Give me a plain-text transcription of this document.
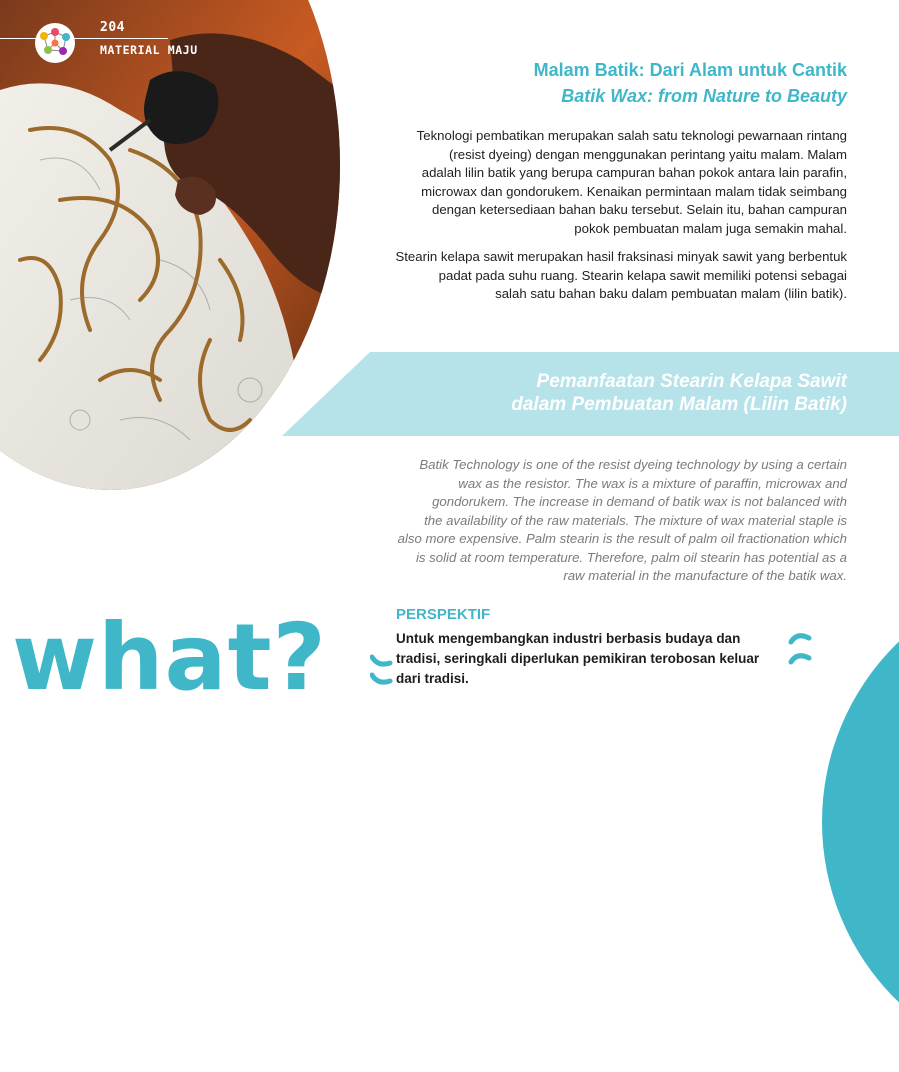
204
MATERIAL MAJU
Malam Batik: Dari Alam untuk Cantik
Batik Wax: from Nature to Beauty
Teknologi pembatikan merupakan salah satu teknologi pewarnaan rintang
(resist dyeing) dengan menggunakan perintang yaitu malam. Malam
adalah lilin batik yang berupa campuran bahan pokok antara lain parafin,
microwax dan gondorukem. Kenaikan permintaan malam tidak seimbang
dengan ketersediaan bahan baku tersebut. Selain itu, bahan campuran
pokok pembuatan malam juga semakin mahal.
Stearin kelapa sawit merupakan hasil fraksinasi minyak sawit yang berbentuk
padat pada suhu ruang. Stearin kelapa sawit memiliki potensi sebagai
salah satu bahan baku dalam pembuatan malam (lilin batik).
Pemanfaatan Stearin Kelapa Sawit
dalam Pembuatan Malam (Lilin Batik)
Batik Technology is one of the resist dyeing technology by using a certain
wax as the resistor. The wax is a mixture of paraffin, microwax and
gondorukem. The increase in demand of batik wax is not balanced with
the availability of the raw materials. The mixture of wax material staple is
also more expensive. Palm stearin is the result of palm oil fractionation which
is solid at room temperature. Therefore, palm oil stearin has potential as a
raw material in the manufacture of the batik wax.
what?	PERSPEKTIF
Untuk mengembangkan industri berbasis budaya dan
tradisi, seringkali diperlukan pemikiran terobosan keluar
dari tradisi.
